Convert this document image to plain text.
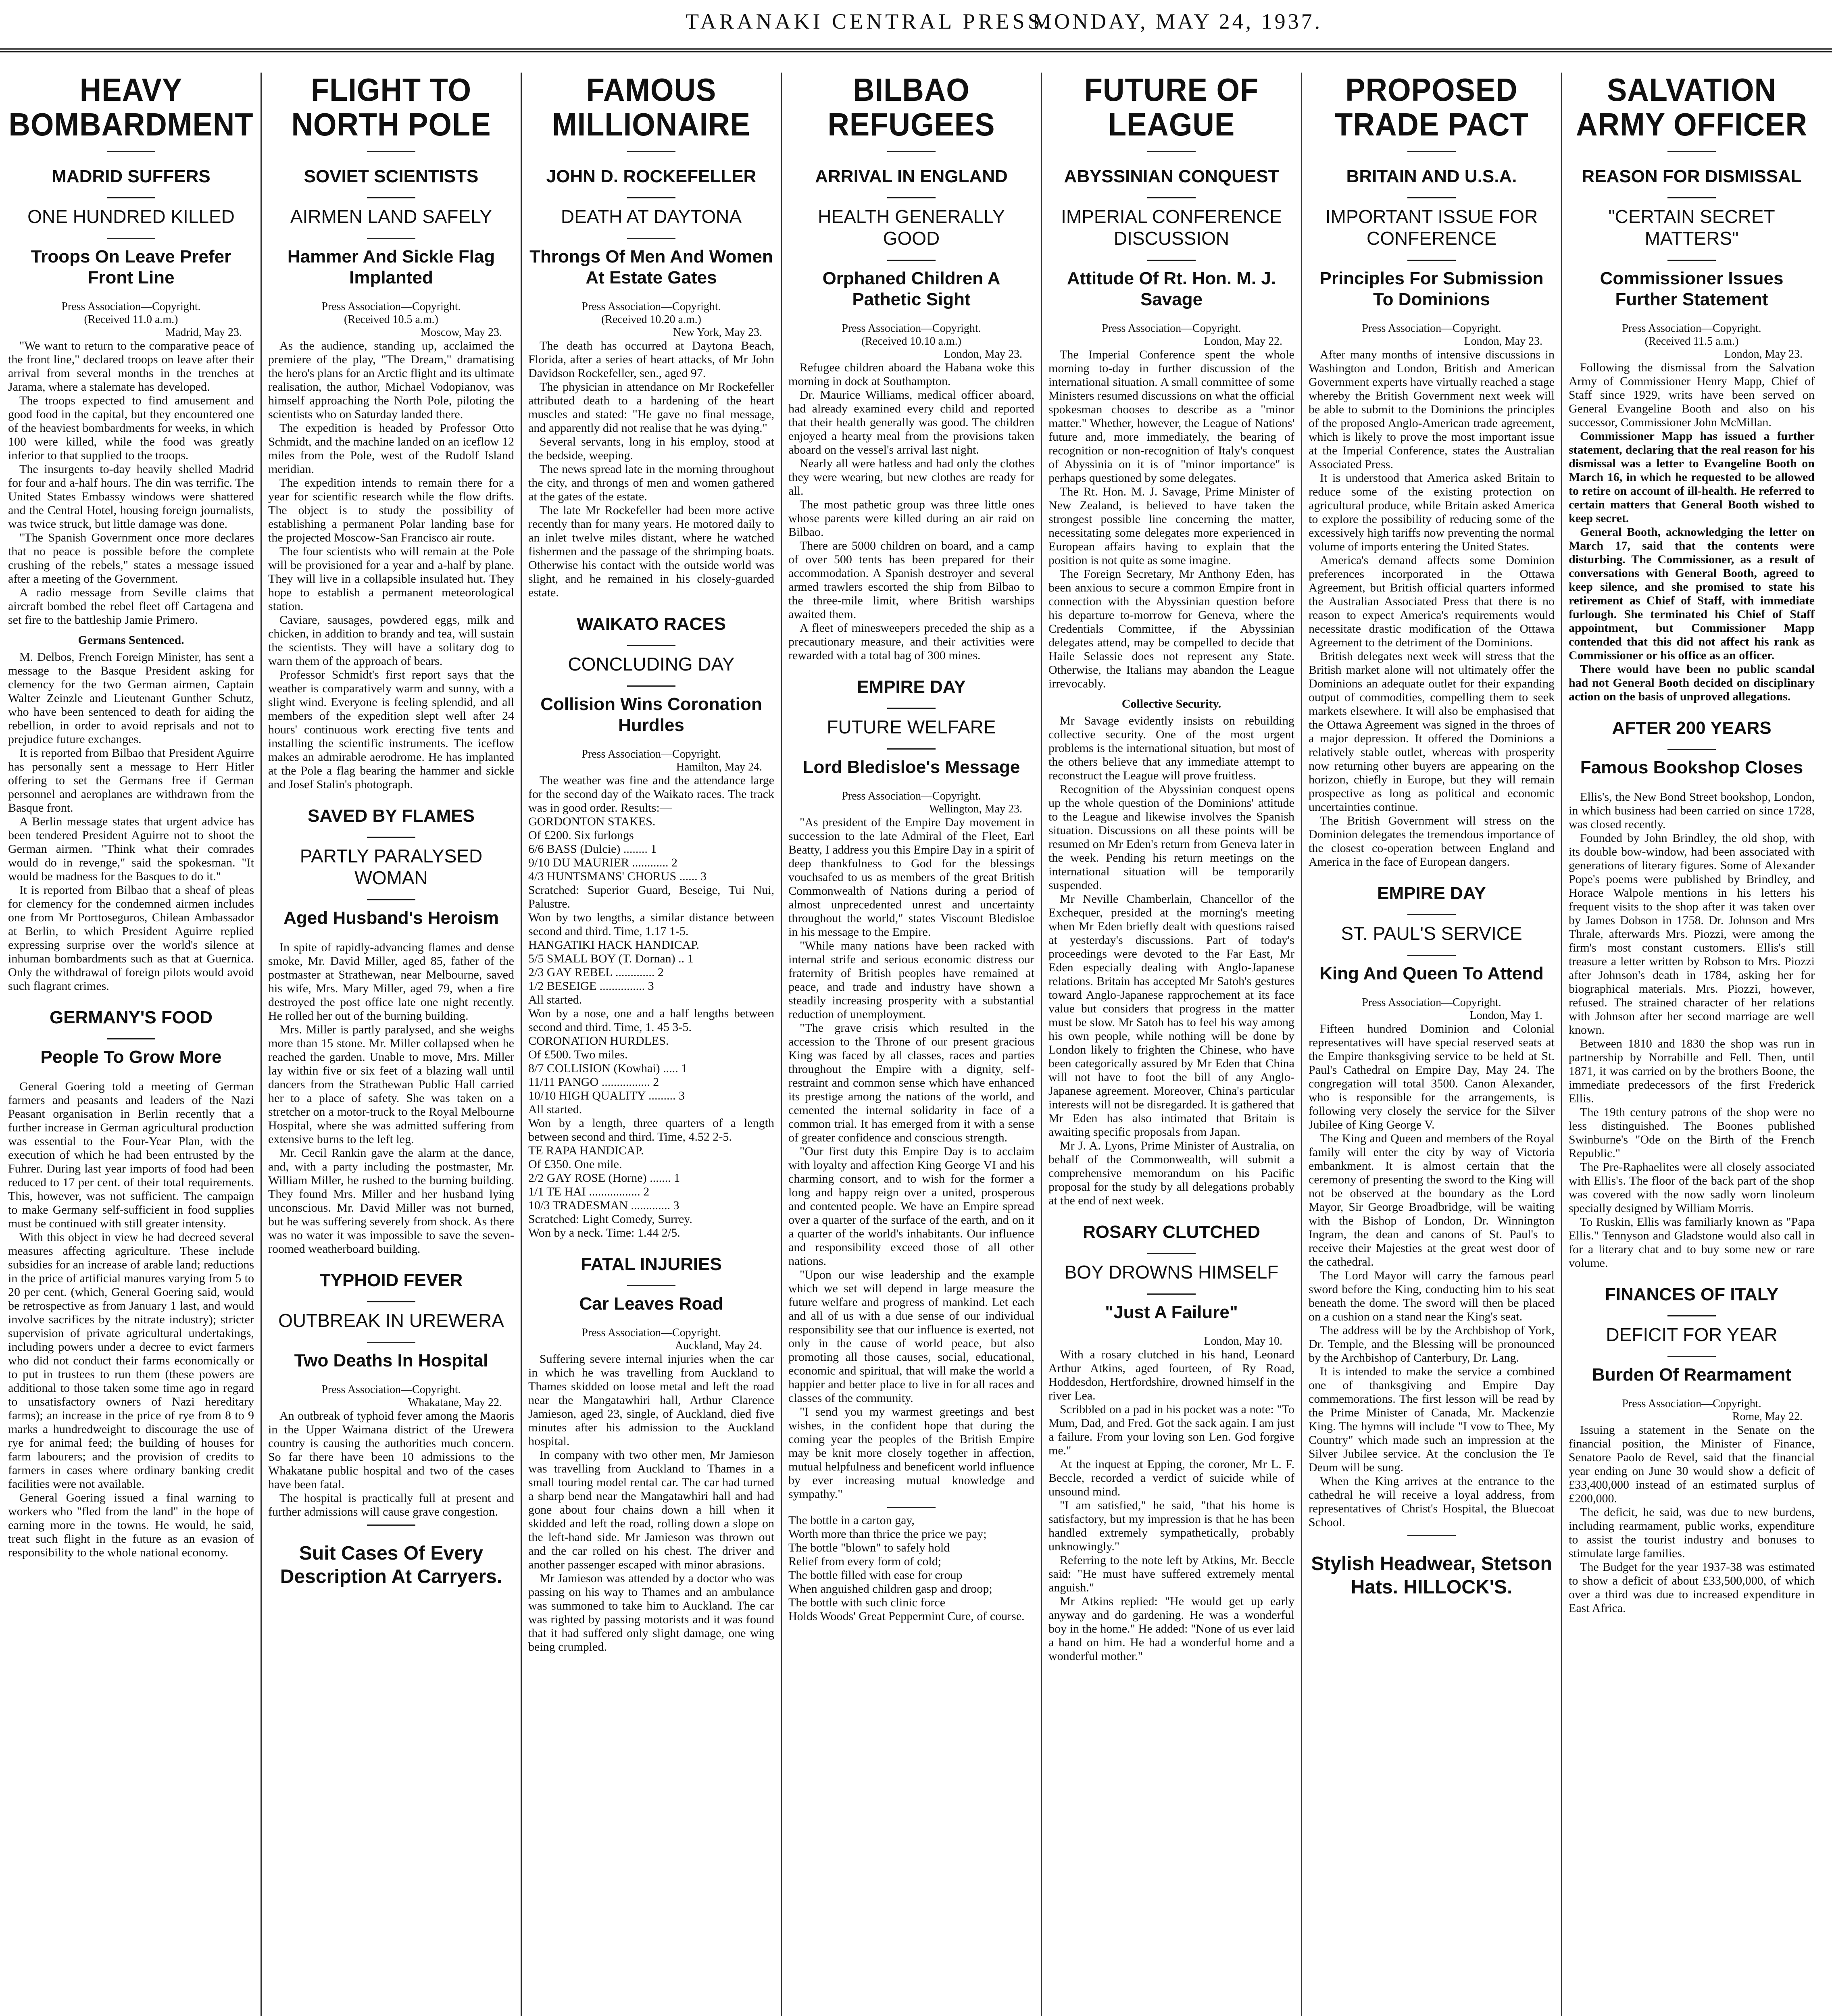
TARANAKI CENTRAL PRESS.
MONDAY, MAY 24, 1937.
HEAVY BOMBARDMENT
MADRID SUFFERS
ONE HUNDRED KILLED
Troops On Leave Prefer Front Line
Press Association—Copyright.
(Received 11.0 a.m.)
Madrid, May 23.

"We want to return to the comparative peace of the front line," declared troops on leave after their arrival from several months in the trenches at Jarama, where a stalemate has developed.

The troops expected to find amusement and good food in the capital, but they encountered one of the heaviest bombardments for weeks, in which 100 were killed, while the food was greatly inferior to that supplied to the troops.

The insurgents to-day heavily shelled Madrid for four and a-half hours. The din was terrific. The United States Embassy windows were shattered and the Central Hotel, housing foreign journalists, was twice struck, but little damage was done.

"The Spanish Government once more declares that no peace is possible before the complete crushing of the rebels," states a message issued after a meeting of the Government.

A radio message from Seville claims that aircraft bombed the rebel fleet off Cartagena and set fire to the battleship Jamie Primero.

Germans Sentenced.

M. Delbos, French Foreign Minister, has sent a message to the Basque President asking for clemency for the two German airmen, Captain Walter Zeinzle and Lieutenant Gunther Schutz, who have been sentenced to death for aiding the rebellion, in order to avoid reprisals and not to prejudice future exchanges.

It is reported from Bilbao that President Aguirre has personally sent a message to Herr Hitler offering to set the Germans free if German personnel and aeroplanes are withdrawn from the Basque front.

A Berlin message states that urgent advice has been tendered President Aguirre not to shoot the German airmen. "Think what their comrades would do in revenge," said the spokesman. "It would be madness for the Basques to do it."

It is reported from Bilbao that a sheaf of pleas for clemency for the condemned airmen includes one from Mr Porttoseguros, Chilean Ambassador at Berlin, to which President Aguirre replied expressing surprise over the world's silence at inhuman bombardments such as that at Guernica. Only the withdrawal of foreign pilots would avoid such flagrant crimes.

GERMANY'S FOOD
People To Grow More

General Goering told a meeting of German farmers and peasants and leaders of the Nazi Peasant organisation in Berlin recently that a further increase in German agricultural production was essential to the Four-Year Plan, with the execution of which he had been entrusted by the Fuhrer. During last year imports of food had been reduced to 17 per cent. of their total requirements. This, however, was not sufficient. The campaign to make Germany self-sufficient in food supplies must be continued with still greater intensity.

With this object in view he had decreed several measures affecting agriculture. These include subsidies for an increase of arable land; reductions in the price of artificial manures varying from 5 to 20 per cent. (which, General Goering said, would be retrospective as from January 1 last, and would involve sacrifices by the nitrate industry); stricter supervision of private agricultural undertakings, including powers under a decree to evict farmers who did not conduct their farms economically or to put in trustees to run them (these powers are additional to those taken some time ago in regard to unsatisfactory owners of Nazi hereditary farms); an increase in the price of rye from 8 to 9 marks a hundredweight to discourage the use of rye for animal feed; the building of houses for farm labourers; and the provision of credits to farmers in cases where ordinary banking credit facilities were not available.

General Goering issued a final warning to workers who "fled from the land" in the hope of earning more in the towns. He would, he said, treat such flight in the future as an evasion of responsibility to the whole national economy.

FLIGHT TO NORTH POLE
SOVIET SCIENTISTS
AIRMEN LAND SAFELY
Hammer And Sickle Flag Implanted
Press Association—Copyright.
(Received 10.5 a.m.)
Moscow, May 23.

As the audience, standing up, acclaimed the premiere of the play, "The Dream," dramatising the hero's plans for an Arctic flight and its ultimate realisation, the author, Michael Vodopianov, was himself approaching the North Pole, piloting the scientists who on Saturday landed there.

The expedition is headed by Professor Otto Schmidt, and the machine landed on an iceflow 12 miles from the Pole, west of the Rudolf Island meridian.

The expedition intends to remain there for a year for scientific research while the flow drifts. The object is to study the possibility of establishing a permanent Polar landing base for the projected Moscow-San Francisco air route.

The four scientists who will remain at the Pole will be provisioned for a year and a-half by plane. They will live in a collapsible insulated hut. They hope to establish a permanent meteorological station.

Caviare, sausages, powdered eggs, milk and chicken, in addition to brandy and tea, will sustain the scientists. They will have a solitary dog to warn them of the approach of bears.

Professor Schmidt's first report says that the weather is comparatively warm and sunny, with a slight wind. Everyone is feeling splendid, and all members of the expedition slept well after 24 hours' continuous work erecting five tents and installing the scientific instruments. The iceflow makes an admirable aerodrome. He has implanted at the Pole a flag bearing the hammer and sickle and Josef Stalin's photograph.

SAVED BY FLAMES
PARTLY PARALYSED WOMAN
Aged Husband's Heroism

In spite of rapidly-advancing flames and dense smoke, Mr. David Miller, aged 85, father of the postmaster at Strathewan, near Melbourne, saved his wife, Mrs. Mary Miller, aged 79, when a fire destroyed the post office late one night recently. He rolled her out of the burning building.

Mrs. Miller is partly paralysed, and she weighs more than 15 stone. Mr. Miller collapsed when he reached the garden. Unable to move, Mrs. Miller lay within five or six feet of a blazing wall until dancers from the Strathewan Public Hall carried her to a place of safety. She was taken on a stretcher on a motor-truck to the Royal Melbourne Hospital, where she was admitted suffering from extensive burns to the left leg.

Mr. Cecil Rankin gave the alarm at the dance, and, with a party including the postmaster, Mr. William Miller, he rushed to the burning building. They found Mrs. Miller and her husband lying unconscious. Mr. David Miller was not burned, but he was suffering severely from shock. As there was no water it was impossible to save the seven-roomed weatherboard building.

TYPHOID FEVER
OUTBREAK IN UREWERA
Two Deaths In Hospital
Press Association—Copyright.
Whakatane, May 22.

An outbreak of typhoid fever among the Maoris in the Upper Waimana district of the Urewera country is causing the authorities much concern. So far there have been 10 admissions to the Whakatane public hospital and two of the cases have been fatal.

The hospital is practically full at present and further admissions will cause grave congestion.

Suit Cases Of Every Description At Carryers.
FAMOUS MILLIONAIRE
JOHN D. ROCKEFELLER
DEATH AT DAYTONA
Throngs Of Men And Women At Estate Gates
Press Association—Copyright.
(Received 10.20 a.m.)
New York, May 23.

The death has occurred at Daytona Beach, Florida, after a series of heart attacks, of Mr John Davidson Rockefeller, sen., aged 97.

The physician in attendance on Mr Rockefeller attributed death to a hardening of the heart muscles and stated: "He gave no final message, and apparently did not realise that he was dying."

Several servants, long in his employ, stood at the bedside, weeping.

The news spread late in the morning throughout the city, and throngs of men and women gathered at the gates of the estate.

The late Mr Rockefeller had been more active recently than for many years. He motored daily to an inlet twelve miles distant, where he watched fishermen and the passage of the shrimping boats. Otherwise his contact with the outside world was slight, and he remained in his closely-guarded estate.

WAIKATO RACES
CONCLUDING DAY
Collision Wins Coronation Hurdles
Press Association—Copyright.
Hamilton, May 24.

The weather was fine and the attendance large for the second day of the Waikato races. The track was in good order. Results:—

GORDONTON STAKES.

Of £200. Six furlongs

6/6 BASS (Dulcie) ........ 1

9/10 DU MAURIER ............ 2

4/3 HUNTSMANS' CHORUS ...... 3

Scratched: Superior Guard, Beseige, Tui Nui, Palustre.

Won by two lengths, a similar distance between second and third. Time, 1.17 1-5.

HANGATIKI HACK HANDICAP.

5/5 SMALL BOY (T. Dornan) .. 1

2/3 GAY REBEL ............. 2

1/2 BESEIGE ............... 3

All started.

Won by a nose, one and a half lengths between second and third. Time, 1. 45 3-5.

CORONATION HURDLES.

Of £500. Two miles.

8/7 COLLISION (Kowhai) ..... 1

11/11 PANGO ................ 2

10/10 HIGH QUALITY ......... 3

All started.

Won by a length, three quarters of a length between second and third. Time, 4.52 2-5.

TE RAPA HANDICAP.

Of £350. One mile.

2/2 GAY ROSE (Horne) ....... 1

1/1 TE HAI ................. 2

10/3 TRADESMAN ............. 3

Scratched: Light Comedy, Surrey.

Won by a neck. Time: 1.44 2/5.

FATAL INJURIES
Car Leaves Road
Press Association—Copyright.
Auckland, May 24.

Suffering severe internal injuries when the car in which he was travelling from Auckland to Thames skidded on loose metal and left the road near the Mangatawhiri hall, Arthur Clarence Jamieson, aged 23, single, of Auckland, died five minutes after his admission to the Auckland hospital.

In company with two other men, Mr Jamieson was travelling from Auckland to Thames in a small touring model rental car. The car had turned a sharp bend near the Mangatawhiri hall and had gone about four chains down a hill when it skidded and left the road, rolling down a slope on the left-hand side. Mr Jamieson was thrown out and the car rolled on his chest. The driver and another passenger escaped with minor abrasions.

Mr Jamieson was attended by a doctor who was passing on his way to Thames and an ambulance was summoned to take him to Auckland. The car was righted by passing motorists and it was found that it had suffered only slight damage, one wing being crumpled.

BILBAO REFUGEES
ARRIVAL IN ENGLAND
HEALTH GENERALLY GOOD
Orphaned Children A Pathetic Sight
Press Association—Copyright.
(Received 10.10 a.m.)
London, May 23.

Refugee children aboard the Habana woke this morning in dock at Southampton.

Dr. Maurice Williams, medical officer aboard, had already examined every child and reported that their health generally was good. The children enjoyed a hearty meal from the provisions taken aboard on the vessel's arrival last night.

Nearly all were hatless and had only the clothes they were wearing, but new clothes are ready for all.

The most pathetic group was three little ones whose parents were killed during an air raid on Bilbao.

There are 5000 children on board, and a camp of over 500 tents has been prepared for their accommodation. A Spanish destroyer and several armed trawlers escorted the ship from Bilbao to the three-mile limit, where British warships awaited them.

A fleet of minesweepers preceded the ship as a precautionary measure, and their activities were rewarded with a total bag of 300 mines.

EMPIRE DAY
FUTURE WELFARE
Lord Bledisloe's Message
Press Association—Copyright.
Wellington, May 23.

"As president of the Empire Day movement in succession to the late Admiral of the Fleet, Earl Beatty, I address you this Empire Day in a spirit of deep thankfulness to God for the blessings vouchsafed to us as members of the great British Commonwealth of Nations during a period of almost unprecedented unrest and uncertainty throughout the world," states Viscount Bledisloe in his message to the Empire.

"While many nations have been racked with internal strife and serious economic distress our fraternity of British peoples have remained at peace, and trade and industry have shown a steadily increasing prosperity with a substantial reduction of unemployment.

"The grave crisis which resulted in the accession to the Throne of our present gracious King was faced by all classes, races and parties throughout the Empire with a dignity, self-restraint and common sense which have enhanced its prestige among the nations of the world, and cemented the internal solidarity in face of a common trial. It has emerged from it with a sense of greater confidence and conscious strength.

"Our first duty this Empire Day is to acclaim with loyalty and affection King George VI and his charming consort, and to wish for the former a long and happy reign over a united, prosperous and contented people. We have an Empire spread over a quarter of the surface of the earth, and on it a quarter of the world's inhabitants. Our influence and responsibility exceed those of all other nations.

"Upon our wise leadership and the example which we set will depend in large measure the future welfare and progress of mankind. Let each and all of us with a due sense of our individual responsibility see that our influence is exerted, not only in the cause of world peace, but also promoting all those causes, social, educational, economic and spiritual, that will make the world a happier and better place to live in for all races and classes of the community.

"I send you my warmest greetings and best wishes, in the confident hope that during the coming year the peoples of the British Empire may be knit more closely together in affection, mutual helpfulness and beneficent world influence by ever increasing mutual knowledge and sympathy."

The bottle in a carton gay,

Worth more than thrice the price we pay;

The bottle "blown" to safely hold

Relief from every form of cold;

The bottle filled with ease for croup

When anguished children gasp and droop;

The bottle with such clinic force

Holds Woods' Great Peppermint Cure, of course.

FUTURE OF LEAGUE
ABYSSINIAN CONQUEST
IMPERIAL CONFERENCE DISCUSSION
Attitude Of Rt. Hon. M. J. Savage
Press Association—Copyright.
London, May 22.

The Imperial Conference spent the whole morning to-day in further discussion of the international situation. A small committee of some Ministers resumed discussions on what the official spokesman chooses to describe as a "minor matter." Whether, however, the League of Nations' future and, more immediately, the bearing of recognition or non-recognition of Italy's conquest of Abyssinia on it is of "minor importance" is perhaps questioned by some delegates.

The Rt. Hon. M. J. Savage, Prime Minister of New Zealand, is believed to have taken the strongest possible line concerning the matter, necessitating some delegates more experienced in European affairs having to explain that the position is not quite as some imagine.

The Foreign Secretary, Mr Anthony Eden, has been anxious to secure a common Empire front in connection with the Abyssinian question before his departure to-morrow for Geneva, where the Credentials Committee, if the Abyssinian delegates attend, may be compelled to decide that Haile Selassie does not represent any State. Otherwise, the Italians may abandon the League irrevocably.

Collective Security.

Mr Savage evidently insists on rebuilding collective security. One of the most urgent problems is the international situation, but most of the others believe that any immediate attempt to reconstruct the League will prove fruitless.

Recognition of the Abyssinian conquest opens up the whole question of the Dominions' attitude to the League and likewise involves the Spanish situation. Discussions on all these points will be resumed on Mr Eden's return from Geneva later in the week. Pending his return meetings on the international situation will be temporarily suspended.

Mr Neville Chamberlain, Chancellor of the Exchequer, presided at the morning's meeting when Mr Eden briefly dealt with questions raised at yesterday's discussions. Part of today's proceedings were devoted to the Far East, Mr Eden especially dealing with Anglo-Japanese relations. Britain has accepted Mr Satoh's gestures toward Anglo-Japanese rapprochement at its face value but considers that progress in the matter must be slow. Mr Satoh has to feel his way among his own people, while nothing will be done by London likely to frighten the Chinese, who have been categorically assured by Mr Eden that China will not have to foot the bill of any Anglo-Japanese agreement. Moreover, China's particular interests will not be disregarded. It is gathered that Mr Eden has also intimated that Britain is awaiting specific proposals from Japan.

Mr J. A. Lyons, Prime Minister of Australia, on behalf of the Commonwealth, will submit a comprehensive memorandum on his Pacific proposal for the study by all delegations probably at the end of next week.

ROSARY CLUTCHED
BOY DROWNS HIMSELF
"Just A Failure"
London, May 10.

With a rosary clutched in his hand, Leonard Arthur Atkins, aged fourteen, of Ry Road, Hoddesdon, Hertfordshire, drowned himself in the river Lea.

Scribbled on a pad in his pocket was a note: "To Mum, Dad, and Fred. Got the sack again. I am just a failure. From your loving son Len. God forgive me."

At the inquest at Epping, the coroner, Mr L. F. Beccle, recorded a verdict of suicide while of unsound mind.

"I am satisfied," he said, "that his home is satisfactory, but my impression is that he has been handled extremely sympathetically, probably unknowingly."

Referring to the note left by Atkins, Mr. Beccle said: "He must have suffered extremely mental anguish."

Mr Atkins replied: "He would get up early anyway and do gardening. He was a wonderful boy in the home." He added: "None of us ever laid a hand on him. He had a wonderful home and a wonderful mother."

PROPOSED TRADE PACT
BRITAIN AND U.S.A.
IMPORTANT ISSUE FOR CONFERENCE
Principles For Submission To Dominions
Press Association—Copyright.
London, May 23.

After many months of intensive discussions in Washington and London, British and American Government experts have virtually reached a stage whereby the British Government next week will be able to submit to the Dominions the principles of the proposed Anglo-American trade agreement, which is likely to prove the most important issue at the Imperial Conference, states the Australian Associated Press.

It is understood that America asked Britain to reduce some of the existing protection on agricultural produce, while Britain asked America to explore the possibility of reducing some of the excessively high tariffs now preventing the normal volume of imports entering the United States.

America's demand affects some Dominion preferences incorporated in the Ottawa Agreement, but British official quarters informed the Australian Associated Press that there is no reason to expect America's requirements would necessitate drastic modification of the Ottawa Agreement to the detriment of the Dominions.

British delegates next week will stress that the British market alone will not ultimately offer the Dominions an adequate outlet for their expanding output of commodities, compelling them to seek markets elsewhere. It will also be emphasised that the Ottawa Agreement was signed in the throes of a major depression. It offered the Dominions a relatively stable outlet, whereas with prosperity now returning other buyers are appearing on the horizon, chiefly in Europe, but they will remain prospective as long as political and economic uncertainties continue.

The British Government will stress on the Dominion delegates the tremendous importance of the closest co-operation between England and America in the face of European dangers.

EMPIRE DAY
ST. PAUL'S SERVICE
King And Queen To Attend
Press Association—Copyright.
London, May 1.

Fifteen hundred Dominion and Colonial representatives will have special reserved seats at the Empire thanksgiving service to be held at St. Paul's Cathedral on Empire Day, May 24. The congregation will total 3500. Canon Alexander, who is responsible for the arrangements, is following very closely the service for the Silver Jubilee of King George V.

The King and Queen and members of the Royal family will enter the city by way of Victoria embankment. It is almost certain that the ceremony of presenting the sword to the King will not be observed at the boundary as the Lord Mayor, Sir George Broadbridge, will be waiting with the Bishop of London, Dr. Winnington Ingram, the dean and canons of St. Paul's to receive their Majesties at the great west door of the cathedral.

The Lord Mayor will carry the famous pearl sword before the King, conducting him to his seat beneath the dome. The sword will then be placed on a cushion on a stand near the King's seat.

The address will be by the Archbishop of York, Dr. Temple, and the Blessing will be pronounced by the Archbishop of Canterbury, Dr. Lang.

It is intended to make the service a combined one of thanksgiving and Empire Day commemorations. The first lesson will be read by the Prime Minister of Canada, Mr. Mackenzie King. The hymns will include "I vow to Thee, My Country" which made such an impression at the Silver Jubilee service. At the conclusion the Te Deum will be sung.

When the King arrives at the entrance to the cathedral he will receive a loyal address, from representatives of Christ's Hospital, the Bluecoat School.

Stylish Headwear, Stetson Hats. HILLOCK'S.
SALVATION ARMY OFFICER
REASON FOR DISMISSAL
"CERTAIN SECRET MATTERS"
Commissioner Issues Further Statement
Press Association—Copyright.
(Received 11.5 a.m.)
London, May 23.

Following the dismissal from the Salvation Army of Commissioner Henry Mapp, Chief of Staff since 1929, writs have been served on General Evangeline Booth and also on his successor, Commissioner John McMillan.

Commissioner Mapp has issued a further statement, declaring that the real reason for his dismissal was a letter to Evangeline Booth on March 16, in which he requested to be allowed to retire on account of ill-health. He referred to certain matters that General Booth wished to keep secret.

General Booth, acknowledging the letter on March 17, said that the contents were disturbing. The Commissioner, as a result of conversations with General Booth, agreed to keep silence, and she promised to state his retirement as Chief of Staff, with immediate furlough. She terminated his Chief of Staff appointment, but Commissioner Mapp contended that this did not affect his rank as Commissioner or his office as an officer.

There would have been no public scandal had not General Booth decided on disciplinary action on the basis of unproved allegations.

AFTER 200 YEARS
Famous Bookshop Closes

Ellis's, the New Bond Street bookshop, London, in which business had been carried on since 1728, was closed recently.

Founded by John Brindley, the old shop, with its double bow-window, had been associated with generations of literary figures. Some of Alexander Pope's poems were published by Brindley, and Horace Walpole mentions in his letters his frequent visits to the shop after it was taken over by James Dobson in 1758. Dr. Johnson and Mrs Thrale, afterwards Mrs. Piozzi, were among the firm's most constant customers. Ellis's still treasure a letter written by Robson to Mrs. Piozzi after Johnson's death in 1784, asking her for biographical materials. Mrs. Piozzi, however, refused. The strained character of her relations with Johnson after her second marriage are well known.

Between 1810 and 1830 the shop was run in partnership by Norrabille and Fell. Then, until 1871, it was carried on by the brothers Boone, the immediate predecessors of the first Frederick Ellis.

The 19th century patrons of the shop were no less distinguished. The Boones published Swinburne's "Ode on the Birth of the French Republic."

The Pre-Raphaelites were all closely associated with Ellis's. The floor of the back part of the shop was covered with the now sadly worn linoleum specially designed by William Morris.

To Ruskin, Ellis was familiarly known as "Papa Ellis." Tennyson and Gladstone would also call in for a literary chat and to buy some new or rare volume.

FINANCES OF ITALY
DEFICIT FOR YEAR
Burden Of Rearmament
Press Association—Copyright.
Rome, May 22.

Issuing a statement in the Senate on the financial position, the Minister of Finance, Senatore Paolo de Revel, said that the financial year ending on June 30 would show a deficit of £33,400,000 instead of an estimated surplus of £200,000.

The deficit, he said, was due to new burdens, including rearmament, public works, expenditure to assist the tourist industry and bonuses to stimulate large families.

The Budget for the year 1937-38 was estimated to show a deficit of about £33,500,000, of which over a third was due to increased expenditure in East Africa.
